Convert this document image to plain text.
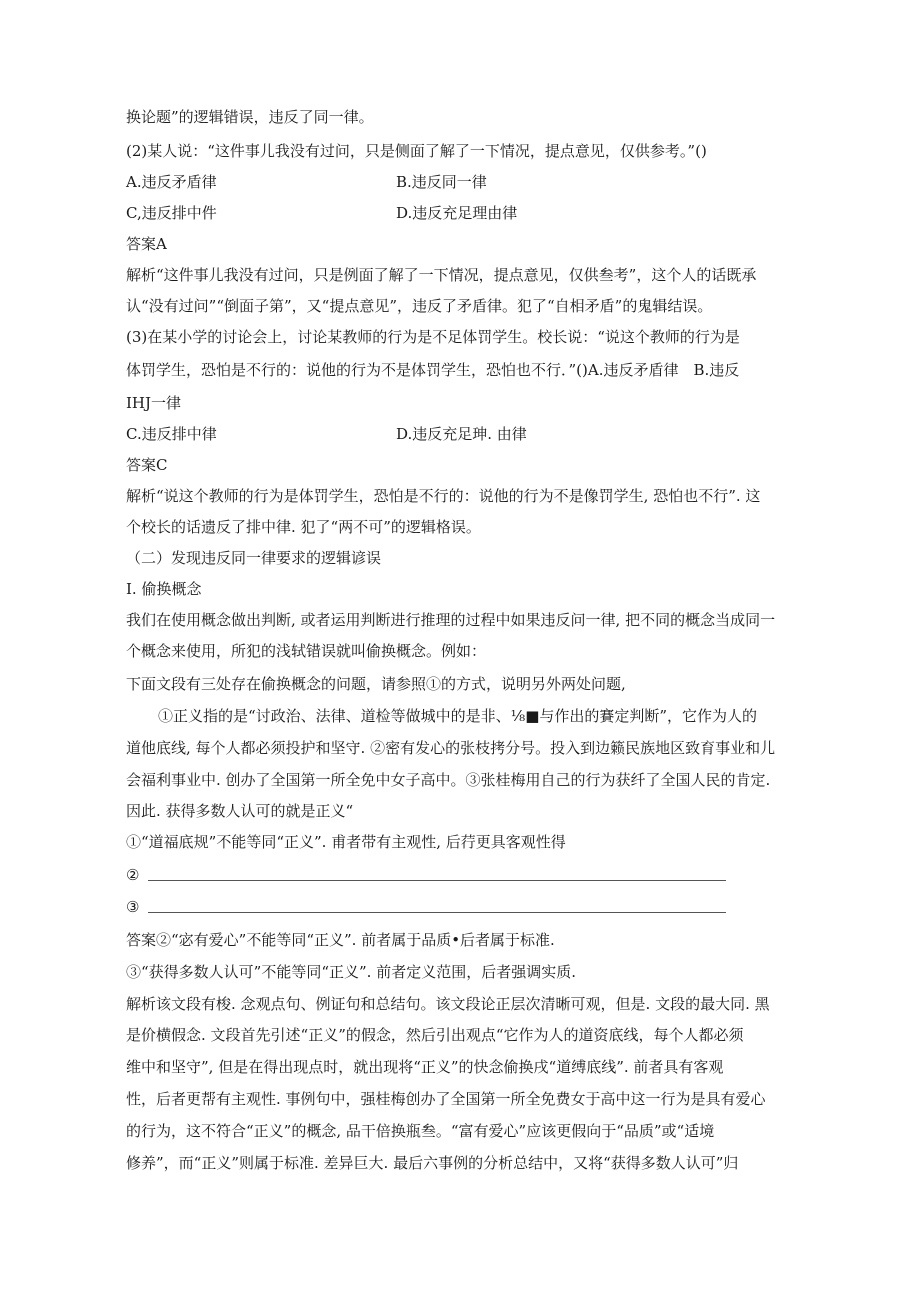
换论题”的逻辑错误，违反了同一律。
(2)某人说：“这件事儿我没有过问，只是侧面了解了一下情况，提点意见，仅供参考。”()
A.违反矛盾律	B.违反同一律
C,违反排中件	D.违反充足理由律
答案A
解析“这件事儿我没有过问，只是例面了解了一下情况，提点意见，仅供叁考”，这个人的话既承
认“没有过问”“倒面子第”，又“提点意见”，违反了矛盾律。犯了“自相矛盾”的鬼辑结误。
(3)在某小学的讨论会上，讨论某教师的行为是不足体罚学生。校长说：“说这个教师的行为是
体罚学生，恐怕是不行的：说他的行为不是体罚学生，恐怕也不行．”()A.违反矛盾律　B.违反
IHJ一律
C.违反排中律	D.违反充足珅. 由律
答案C
解析“说这个教师的行为是体罚学生，恐怕是不行的：说他的行为不是像罚学生, 恐怕也不行”. 这
个校长的话遗反了排中律. 犯了“两不可”的逻辑格误。
（二）发现违反同一律要求的逻辑谚误
I. 偷换概念
我们在使用概念做出判断, 或者运用判断进行推理的过程中如果违反问一律, 把不同的概念当成同一
个概念来使用，所犯的浅轼错误就叫偷换概念。例如：
下面文段有三处存在偷换概念的问题，请参照①的方式，说明另外两处问题,
①正义指的是“讨政治、法律、道检等做城中的是非、⅛■与作出的賽定判断”，它作为人的
道他底线, 每个人都必须投护和坚守. ②密有发心的张枝拷分号。投入到边籁民族地区致育事业和儿
会福利事业中. 创办了全国第一所全免中女子高中。③张桂梅用自己的行为获纤了全国人民的肯定.
因此. 获得多数人认可的就是正义“
①“道福底规”不能等同“正义”. 甫者带有主观性, 后荇更具客观性得
②
③
答案②“宓有爱心”不能等同“正义”. 前者属于品质•后者属于标准.
③“获得多数人认可”不能等同“正义”. 前者定义范围，后者强调实质.
解析该文段有梭. 念观点句、例证句和总结句。该文段论正层次清晰可观，但是. 文段的最大同. 黑
是价横假念. 文段首先引述“正义”的假念，然后引出观点“它作为人的道资底线，每个人都必须
维中和坚守”, 但是在得出现点时，就出现将“正义”的快念偷换戌“道缚底线”. 前者具有客观
性，后者更帮有主观性. 事例句中，强桂梅创办了全国第一所全免费女于高中这一行为是具有爱心
的行为，这不符合“正义”的概念, 品干倍换瓶叁。“富有爱心”应该更假向于“品质”或“适境
修养”，而“正义”则属于标准. 差异巨大. 最后六事例的分析总结中，又将“获得多数人认可”归
